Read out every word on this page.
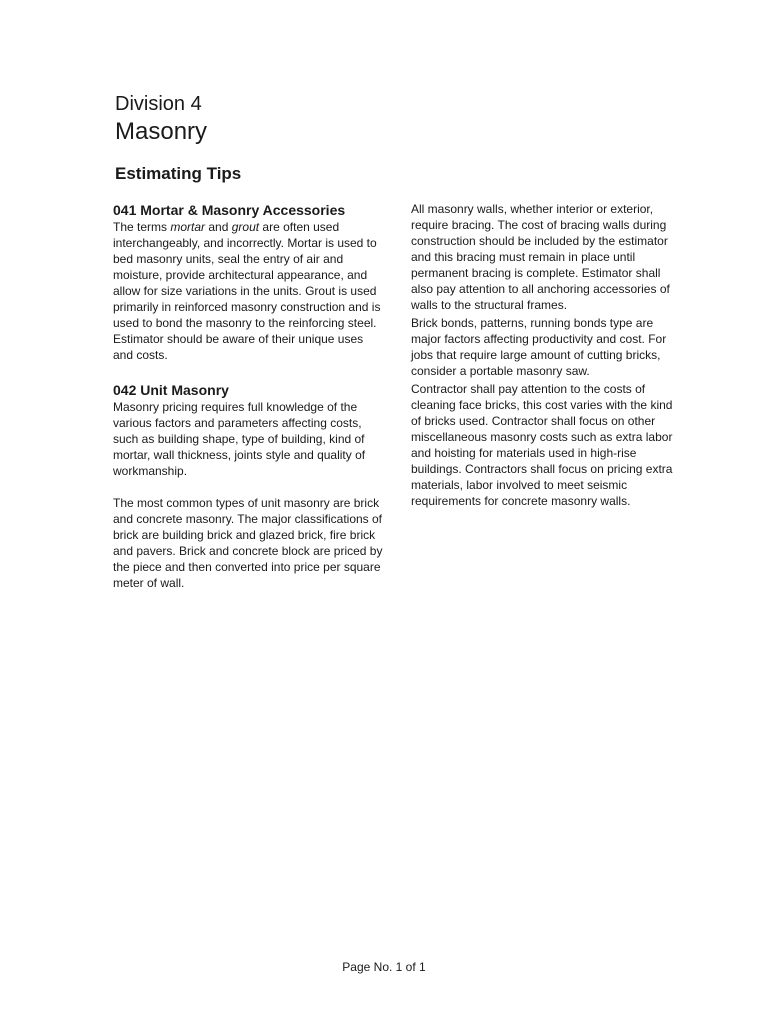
Division 4
Masonry
Estimating Tips
041 Mortar & Masonry Accessories

The terms mortar and grout are often used interchangeably, and incorrectly. Mortar is used to bed masonry units, seal the entry of air and moisture, provide architectural appearance, and allow for size variations in the units. Grout is used primarily in reinforced masonry construction and is used to bond the masonry to the reinforcing steel. Estimator should be aware of their unique uses and costs.

042 Unit Masonry

Masonry pricing requires full knowledge of the various factors and parameters affecting costs, such as building shape, type of building, kind of mortar, wall thickness, joints style and quality of workmanship.

The most common types of unit masonry are brick and concrete masonry. The major classifications of brick are building brick and glazed brick, fire brick and pavers. Brick and concrete block are priced by the piece and then converted into price per square meter of wall.

All masonry walls, whether interior or exterior, require bracing. The cost of bracing walls during construction should be included by the estimator and this bracing must remain in place until permanent bracing is complete. Estimator shall also pay attention to all anchoring accessories of walls to the structural frames.

Brick bonds, patterns, running bonds type are major factors affecting productivity and cost. For jobs that require large amount of cutting bricks, consider a portable masonry saw.

Contractor shall pay attention to the costs of cleaning face bricks, this cost varies with the kind of bricks used. Contractor shall focus on other miscellaneous masonry costs such as extra labor and hoisting for materials used in high-rise buildings. Contractors shall focus on pricing extra materials, labor involved to meet seismic requirements for concrete masonry walls.

Page No. 1 of 1
